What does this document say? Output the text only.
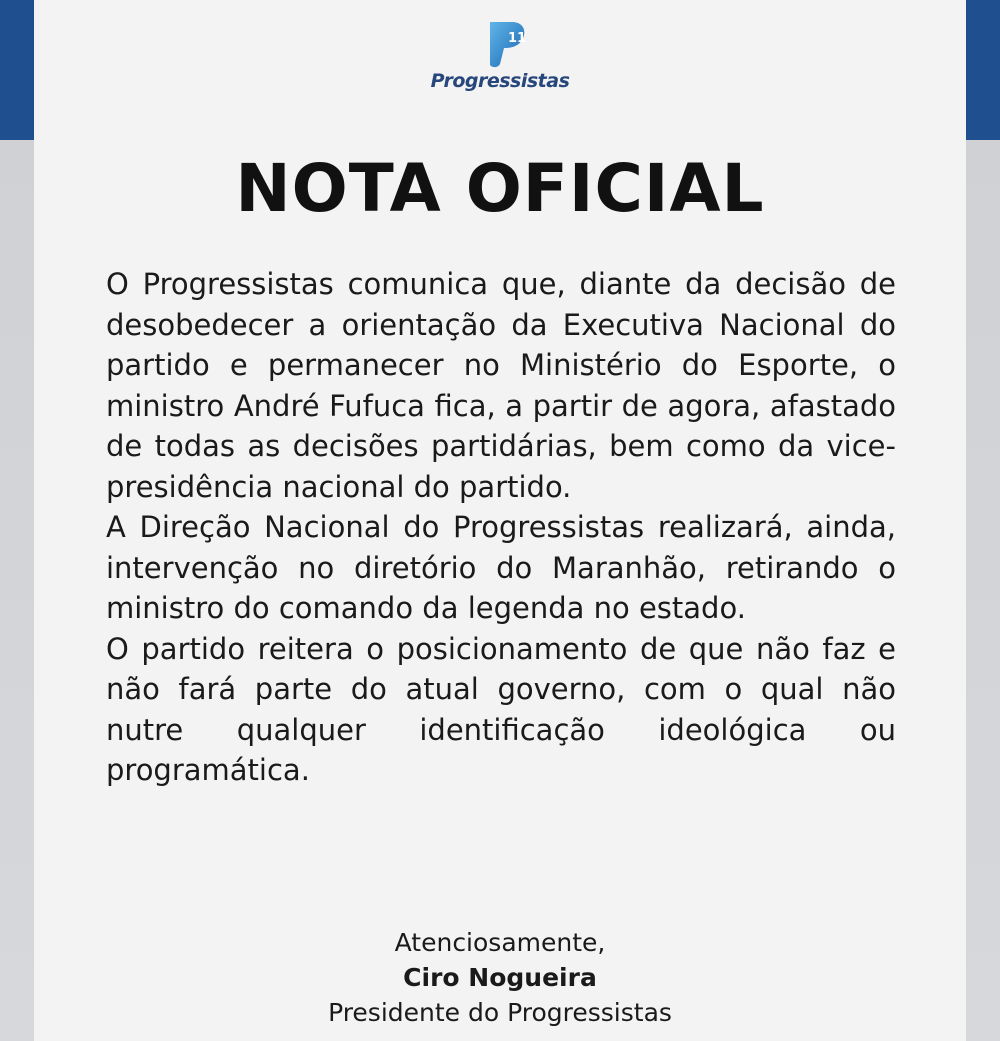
11
Progressistas
NOTA OFICIAL

O Progressistas comunica que, diante da decisão de desobedecer a orientação da Executiva Nacional do partido e permanecer no Ministério do Esporte, o ministro André Fufuca fica, a partir de agora, afastado de todas as decisões partidárias, bem como da vice-presidência nacional do partido.

A Direção Nacional do Progressistas realizará, ainda, intervenção no diretório do Maranhão, retirando o ministro do comando da legenda no estado.

O partido reitera o posicionamento de que não faz e não fará parte do atual governo, com o qual não nutre qualquer identificação ideológica ou programática.

Atenciosamente,
Ciro Nogueira
Presidente do Progressistas
